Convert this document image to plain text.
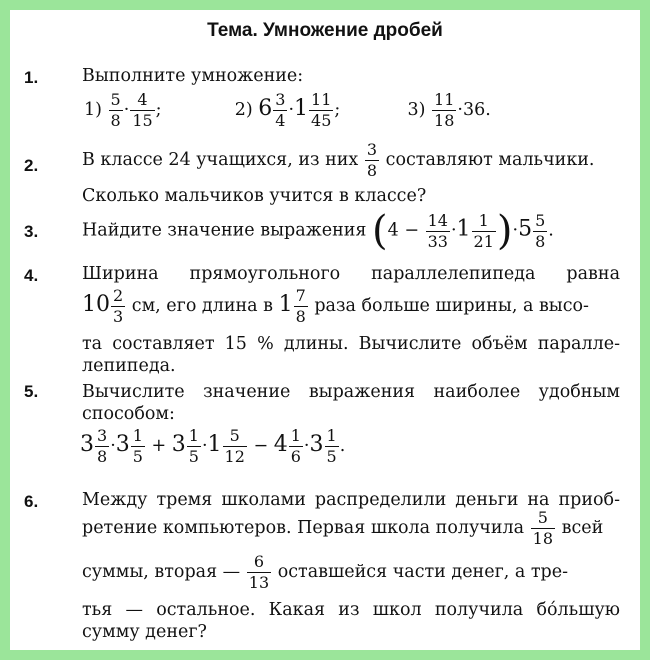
Тема. Умножение дробей
1.	Выполните умножение:
$1) \frac{5}{8} \cdot \frac{4}{15}$ ;	2) $6 \frac{3}{4} \cdot 1 \frac{11}{45}$ ;	$3) \frac{11}{18} \cdot 36$.
2.	В классе 24 учащихся, из них $\frac{3}{8}$ составляют мальчики.
Сколько мальчиков учится в классе?
3.	Найдите значение выражения $(4 - \frac{14}{33} \cdot 1 \frac{1}{21} )\cdot 5 \frac{5}{8}$ .
4.	Ширина прямоугольного параллелепипеда равна
$10 \frac{2}{3}$ см, его длина в $1 \frac{7}{8}$ раза больше ширины, а высо-
та составляет 15 % длины. Вычислите объём паралле-
лепипеда.
5.	Вычислите значение выражения наиболее удобным
способом:
$3 \frac{3}{8} \cdot 3 \frac{1}{5} + 3 \frac{1}{5} \cdot 1 \frac{5}{12} - 4 \frac{1}{6} \cdot 3 \frac{1}{5}$ .
6.	Между тремя школами распределили деньги на приоб-
ретение компьютеров. Первая школа получила $\frac{5}{18}$ всей
суммы, вторая — $\frac{6}{13}$ оставшейся части денег, а тре-
тья — остальное. Какая из школ получила бóльшую
сумму денег?
